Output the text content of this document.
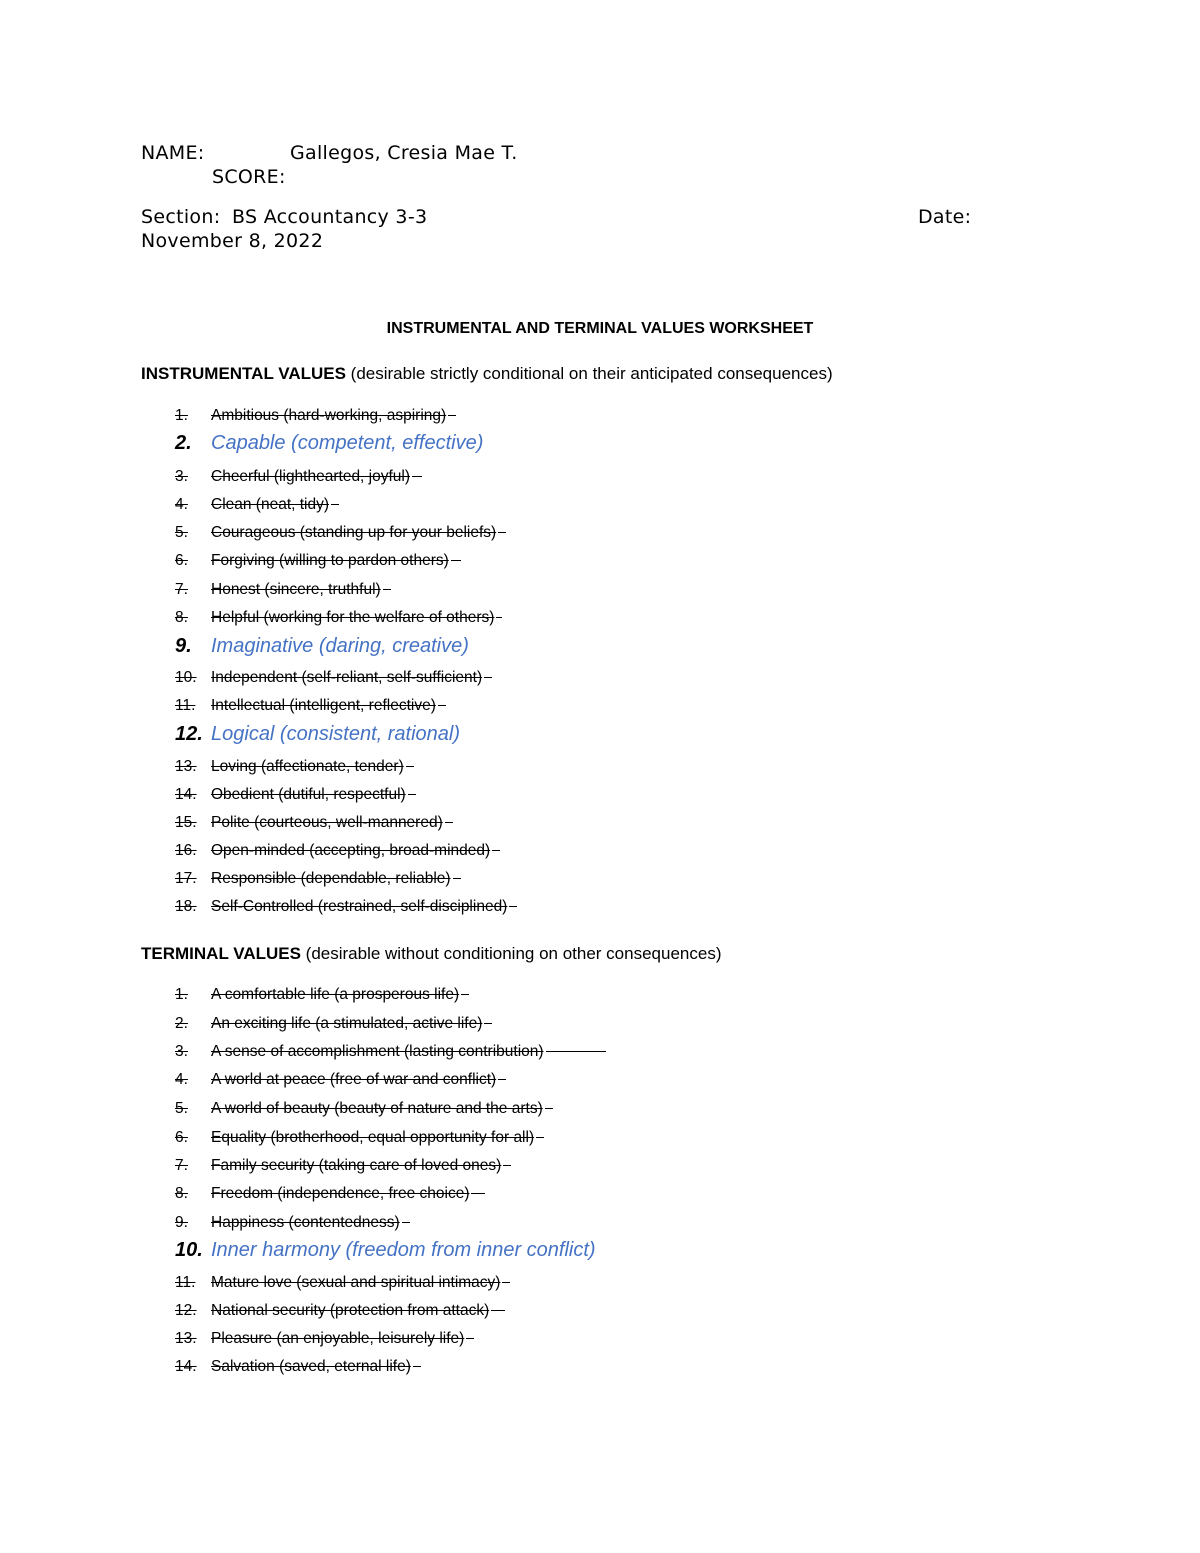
NAME:	Gallegos, Cresia Mae T.
SCORE:
Section: BS Accountancy 3-3	Date:
November 8, 2022
INSTRUMENTAL AND TERMINAL VALUES WORKSHEET
INSTRUMENTAL VALUES (desirable strictly conditional on their anticipated consequences)
1. Ambitious (hard-working, aspiring)
2. Capable (competent, effective)
3. Cheerful (lighthearted, joyful)
4. Clean (neat, tidy)
5. Courageous (standing up for your beliefs)
6. Forgiving (willing to pardon others)
7. Honest (sincere, truthful)
8. Helpful (working for the welfare of others)
9. Imaginative (daring, creative)
10. Independent (self-reliant, self-sufficient)
11. Intellectual (intelligent, reflective)
12. Logical (consistent, rational)
13. Loving (affectionate, tender)
14. Obedient (dutiful, respectful)
15. Polite (courteous, well-mannered)
16. Open-minded (accepting, broad-minded)
17. Responsible (dependable, reliable)
18. Self-Controlled (restrained, self-disciplined)
TERMINAL VALUES (desirable without conditioning on other consequences)
1. A comfortable life (a prosperous life)
2. An exciting life (a stimulated, active life)
3. A sense of accomplishment (lasting contribution)
4. A world at peace (free of war and conflict)
5. A world of beauty (beauty of nature and the arts)
6. Equality (brotherhood, equal opportunity for all)
7. Family security (taking care of loved ones)
8. Freedom (independence, free choice)
9. Happiness (contentedness)
10. Inner harmony (freedom from inner conflict)
11. Mature love (sexual and spiritual intimacy)
12. National security (protection from attack)
13. Pleasure (an enjoyable, leisurely life)
14. Salvation (saved, eternal life)
